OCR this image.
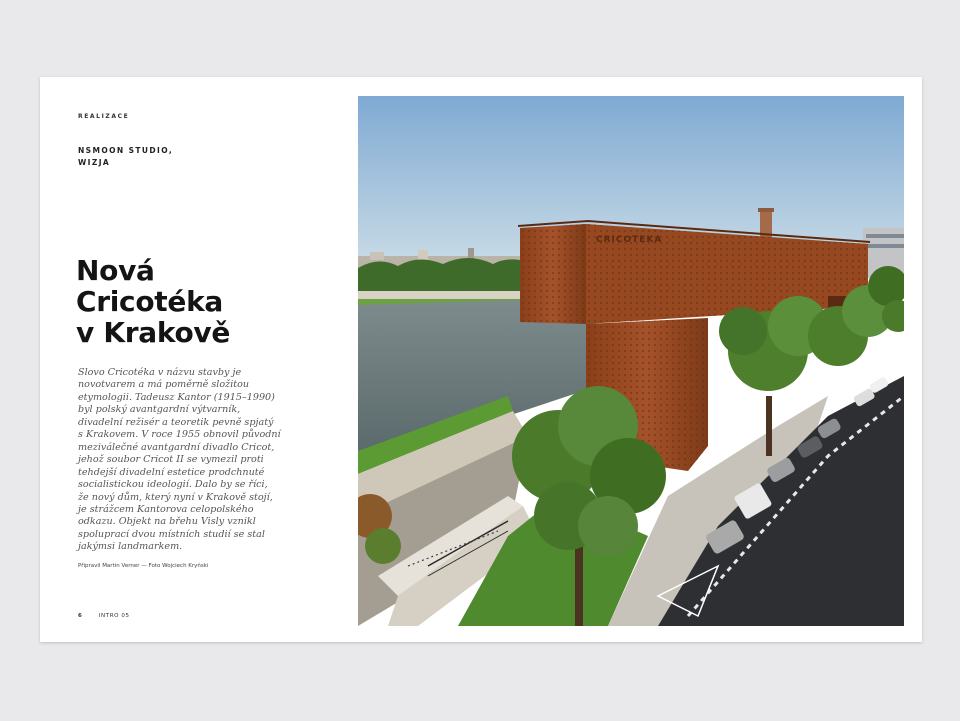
REALIZACE
NSMOON STUDIO,
WIZJA
Nová
Cricotéka
v Krakově
Slovo Cricotéka v názvu stavby je
novotvarem a má poměrně složitou
etymologii. Tadeusz Kantor (1915–1990)
byl polský avantgardní výtvarník,
divadelní režisér a teoretik pevně spjatý
s Krakovem. V roce 1955 obnovil původní
meziválečné avantgardní divadlo Cricot,
jehož soubor Cricot II se vymezil proti
tehdejší divadelní estetice prodchnuté
socialistickou ideologií. Dalo by se říci,
že nový dům, který nyní v Krakově stojí,
je strážcem Kantorova celopolského
odkazu. Objekt na břehu Visly vznikl
spoluprací dvou místních studií se stal
jakýmsi landmarkem.
Připravil Martin Verner — Foto Wojciech Kryński
6	INTRO 05
CRICOTEKA
